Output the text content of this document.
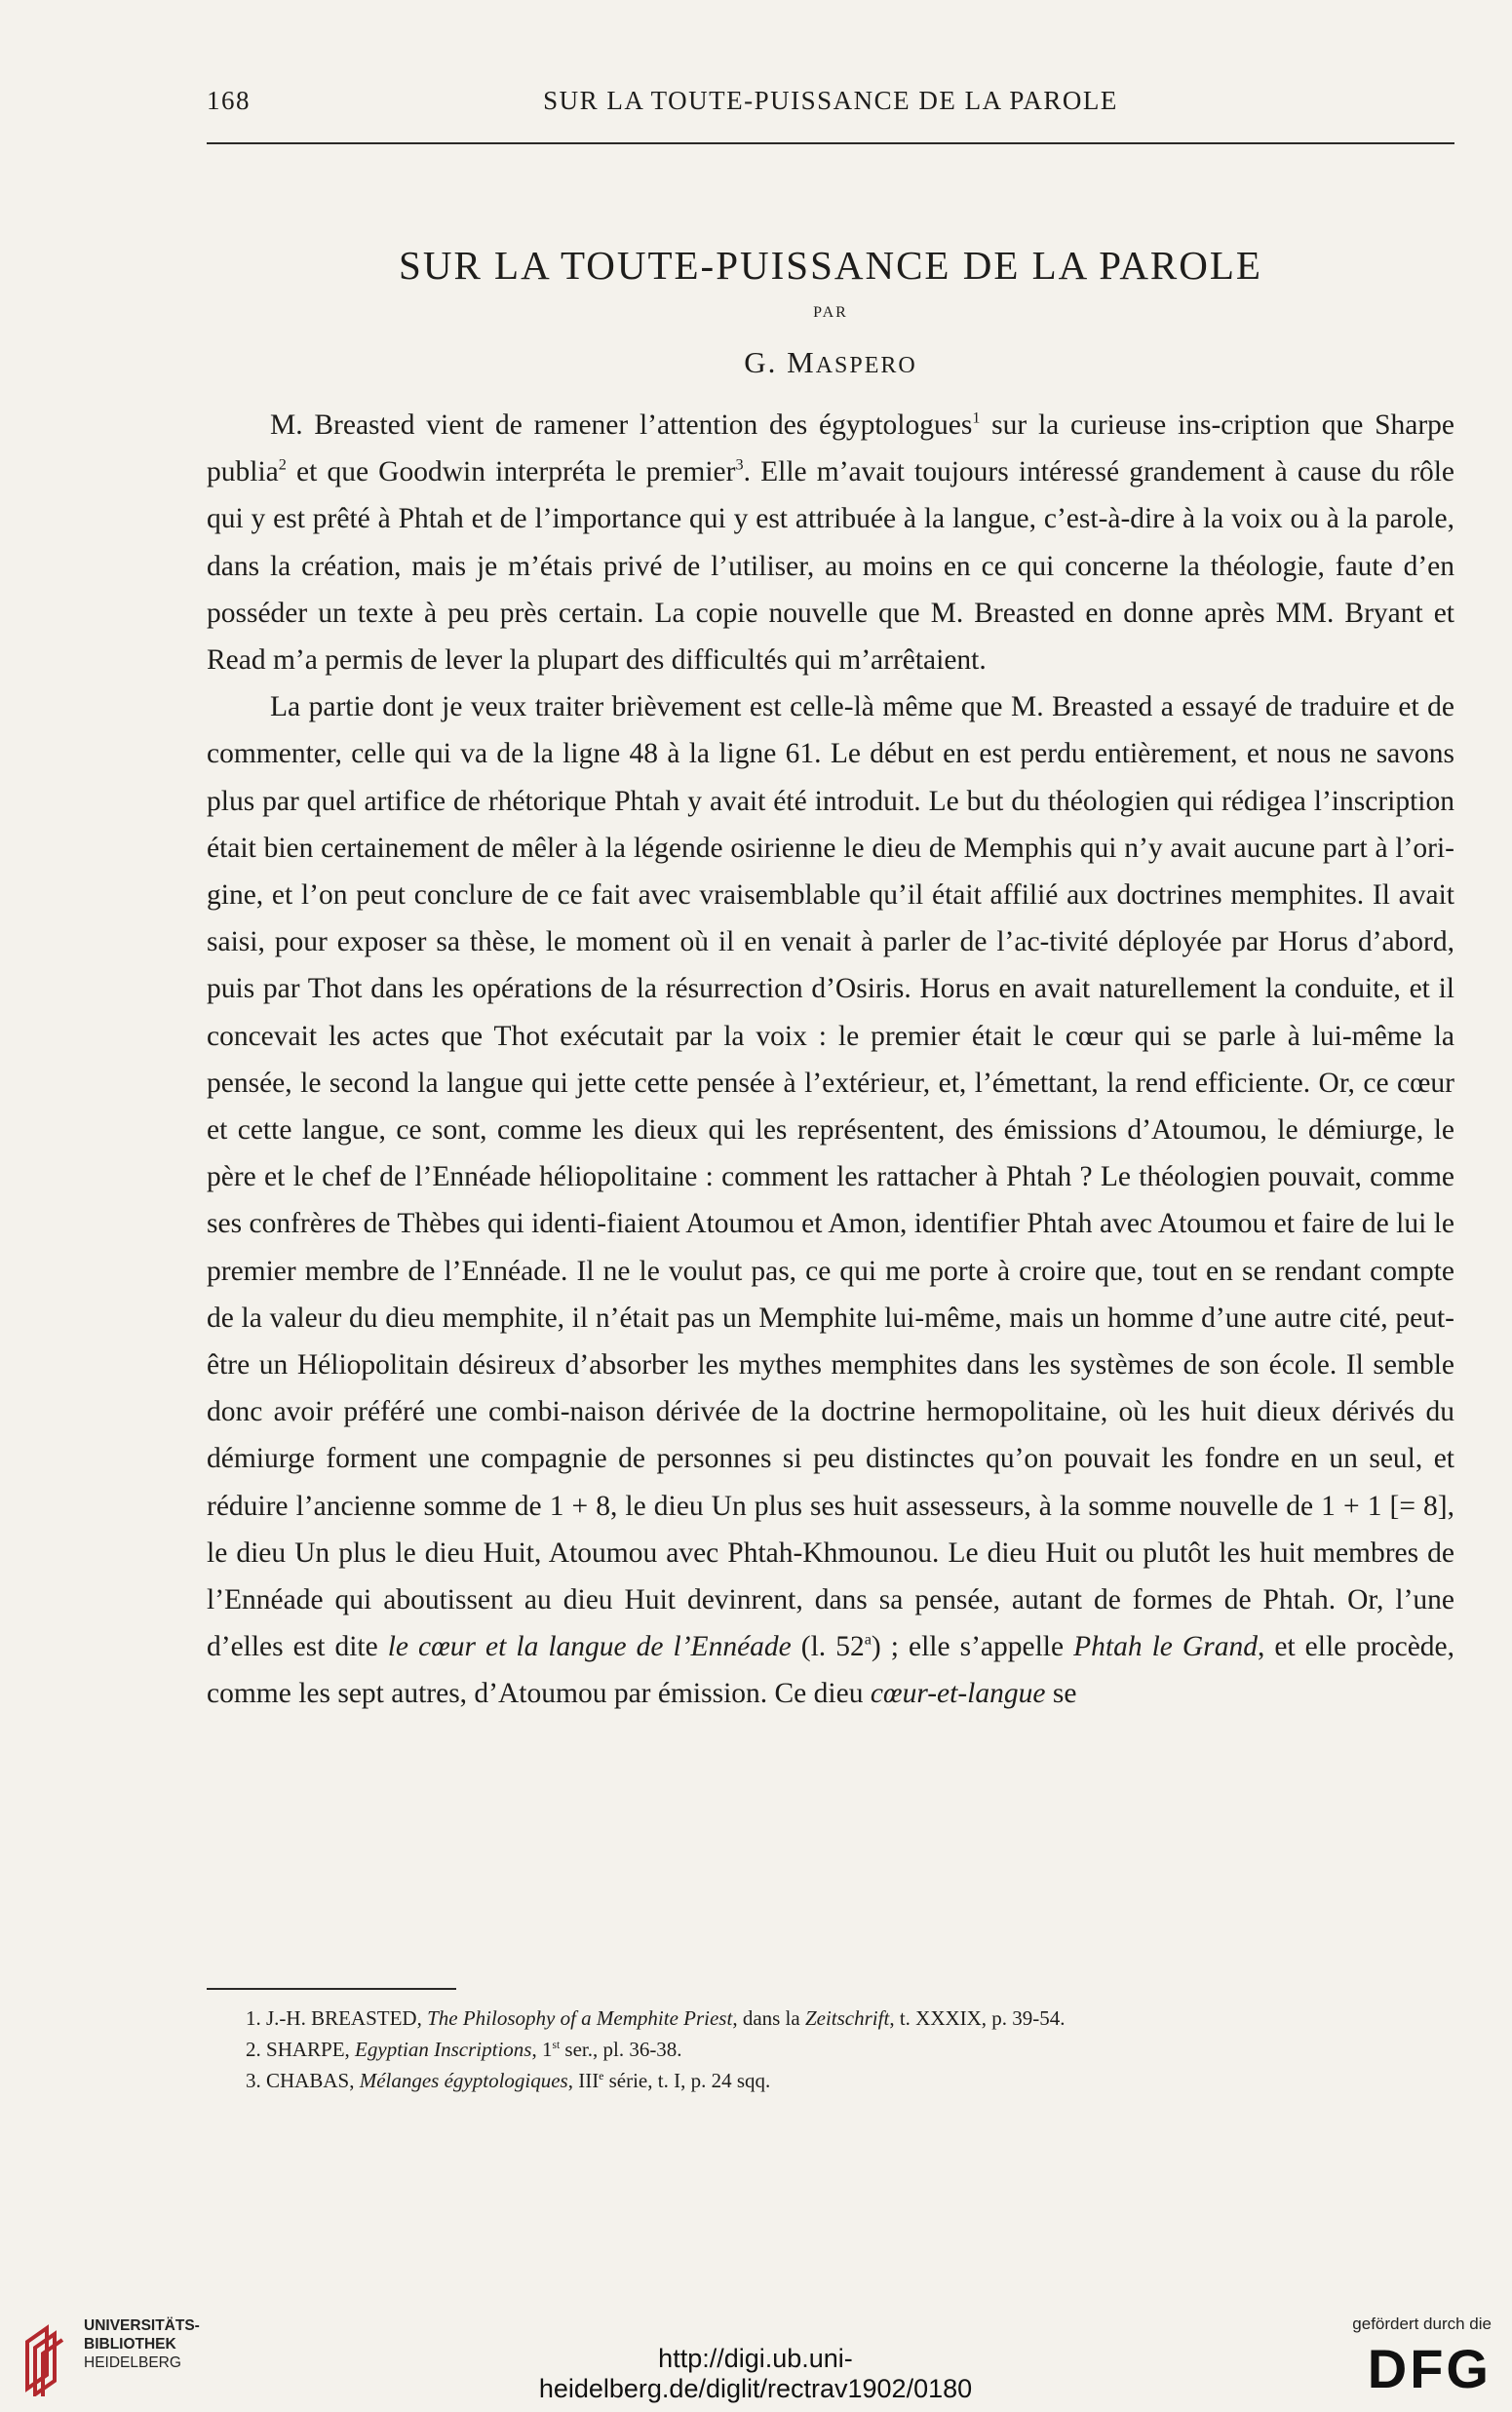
168	SUR LA TOUTE-PUISSANCE DE LA PAROLE
SUR LA TOUTE-PUISSANCE DE LA PAROLE
PAR
G. MASPERO

M. Breasted vient de ramener l’attention des égyptologues$^1$ sur la curieuse ins-cription que Sharpe publia$^2$ et que Goodwin interpréta le premier$^3$. Elle m’avait toujours intéressé grandement à cause du rôle qui y est prêté à Phtah et de l’importance qui y est attribuée à la langue, c’est-à-dire à la voix ou à la parole, dans la création, mais je m’étais privé de l’utiliser, au moins en ce qui concerne la théologie, faute d’en posséder un texte à peu près certain. La copie nouvelle que M. Breasted en donne après MM. Bryant et Read m’a permis de lever la plupart des difficultés qui m’arrêtaient.

La partie dont je veux traiter brièvement est celle-là même que M. Breasted a essayé de traduire et de commenter, celle qui va de la ligne 48 à la ligne 61. Le début en est perdu entièrement, et nous ne savons plus par quel artifice de rhétorique Phtah y avait été introduit. Le but du théologien qui rédigea l’inscription était bien certainement de mêler à la légende osirienne le dieu de Memphis qui n’y avait aucune part à l’ori-gine, et l’on peut conclure de ce fait avec vraisemblable qu’il était affilié aux doctrines memphites. Il avait saisi, pour exposer sa thèse, le moment où il en venait à parler de l’ac-tivité déployée par Horus d’abord, puis par Thot dans les opérations de la résurrection d’Osiris. Horus en avait naturellement la conduite, et il concevait les actes que Thot exécutait par la voix : le premier était le cœur qui se parle à lui-même la pensée, le second la langue qui jette cette pensée à l’extérieur, et, l’émettant, la rend efficiente. Or, ce cœur et cette langue, ce sont, comme les dieux qui les représentent, des émissions d’Atoumou, le démiurge, le père et le chef de l’Ennéade héliopolitaine : comment les rattacher à Phtah ? Le théologien pouvait, comme ses confrères de Thèbes qui identi-fiaient Atoumou et Amon, identifier Phtah avec Atoumou et faire de lui le premier membre de l’Ennéade. Il ne le voulut pas, ce qui me porte à croire que, tout en se rendant compte de la valeur du dieu memphite, il n’était pas un Memphite lui-même, mais un homme d’une autre cité, peut-être un Héliopolitain désireux d’absorber les mythes memphites dans les systèmes de son école. Il semble donc avoir préféré une combi-naison dérivée de la doctrine hermopolitaine, où les huit dieux dérivés du démiurge forment une compagnie de personnes si peu distinctes qu’on pouvait les fondre en un seul, et réduire l’ancienne somme de 1 + 8, le dieu Un plus ses huit assesseurs, à la somme nouvelle de 1 + 1 [= 8], le dieu Un plus le dieu Huit, Atoumou avec Phtah-Khmounou. Le dieu Huit ou plutôt les huit membres de l’Ennéade qui aboutissent au dieu Huit devinrent, dans sa pensée, autant de formes de Phtah. Or, l’une d’elles est dite le cœur et la langue de l’Ennéade (l. 52$^a$) ; elle s’appelle Phtah le Grand, et elle procède, comme les sept autres, d’Atoumou par émission. Ce dieu cœur-et-langue se

1. J.-H. BREASTED, The Philosophy of a Memphite Priest, dans la Zeitschrift, t. XXXIX, p. 39-54.

2. SHARPE, Egyptian Inscriptions, 1st ser., pl. 36-38.

3. CHABAS, Mélanges égyptologiques, IIIe série, t. I, p. 24 sqq.

UNIVERSITÄTS-
BIBLIOTHEK
HEIDELBERG	http://digi.ub.uni-heidelberg.de/diglit/rectrav1902/0180
gefördert durch die
DFG
